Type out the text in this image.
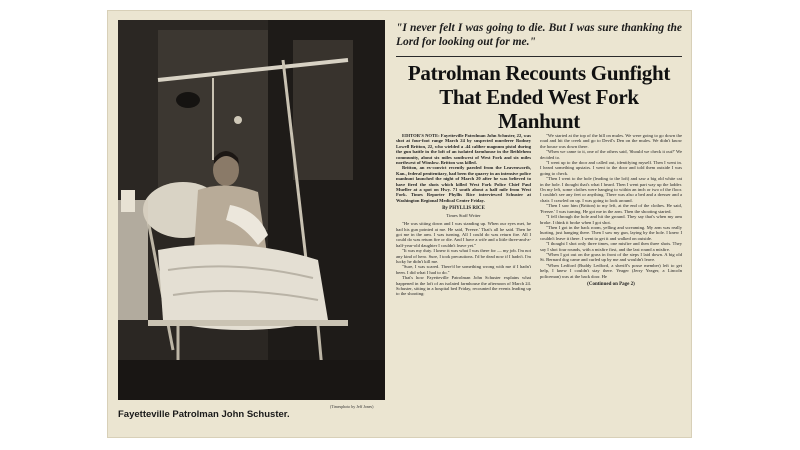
(Timesphoto by Jeff Jones)
Fayetteville Patrolman John Schuster.
"I never felt I was going to die. But I was sure thanking the Lord for looking out for me."
Patrolman Recounts Gunfight That Ended West Fork Manhunt

EDITOR'S NOTE: Fayetteville Patrolman John Schuster, 22, was shot at four-foot range March 24 by suspected murderer Rodney Lowell Britton, 22, who wielded a .44 caliber magnum pistol during the gun battle in the loft of an isolated farmhouse in the Bethlehem community, about six miles southwest of West Fork and six miles northwest of Winslow. Britton was killed.

Britton, an ex-convict recently paroled from the Leavenworth, Kan., federal penitentiary, had been the quarry in an intensive police manhunt launched the night of March 20 after he was believed to have fired the shots which killed West Fork Police Chief Paul Mueller at a spot on Hwy. 71 south about a half mile from West Fork. Times Reporter Phyllis Rice interviewed Schuster at Washington Regional Medical Center Friday.

By PHYLLIS RICE
Times Staff Writer

"He was sitting down and I was standing up. When our eyes met, he had his gun pointed at me. He said, 'Freeze.' That's all he said. Then he got me in the arm. I was turning. All I could do was return fire. All I could do was return fire or die. And I have a wife and a little three-and-a-half-year-old daughter I couldn't leave yet."

"It was my duty. I knew it was what I was there for — my job. I'm not any kind of hero. Sure, I took precautions. I'd be dead now if I hadn't. I'm lucky he didn't kill me.

"Sure, I was scared. There'd be something wrong with me if I hadn't been. I did what I had to do."

That's how Fayetteville Patrolman John Schuster explains what happened in the loft of an isolated farmhouse the afternoon of March 24. Schuster, sitting in a hospital bed Friday, recounted the events leading up to the shooting:

"We started at the top of the hill on mules. We were going to go down the road and hit the creek and go to Devil's Den on the mules. We didn't know the house was down there.

"When we came to it, one of the others said, 'Should we check it out?' We decided to.

"I went up to the door and called out, identifying myself. Then I went in. I heard something upstairs. I went to the door and told them outside I was going to check.

"Then I went to the hole (leading to the loft) and saw a big old white cat in the hole. I thought that's what I heard. Then I went part way up the ladder. On my left, some clothes were hanging to within an inch or two of the floor. I couldn't see any feet or anything. There was also a bed and a dresser and a chair. I crawled on up. I was going to look around.

"Then I saw him (Britton) to my left, at the end of the clothes. He said, 'Freeze.' I was turning. He got me in the arm. Then the shooting started.

"I fell through the hole and hit the ground. They say that's when my arm broke. I think it broke when I got shot.

"Then I got in the back room, yelling and screaming. My arm was really hurting, just hanging there. Then I saw my gun, laying by the hole. I knew I couldn't leave it there. I went to get it and walked on outside.

"I thought I shot only three times, one misfire and then three shots. They say I shot four rounds, with a misfire first, and the last round a misfire.

"When I got out on the grass in front of the steps I laid down. A big old St. Bernard dog came and curled up by me and wouldn't leave.

"When Ledford (Buddy Ledford, a sheriff's posse member) left to get help, I knew I couldn't stay there. Yeager (Jerry Yeager, a Lincoln policeman) was at the back door. He

(Continued on Page 2)
